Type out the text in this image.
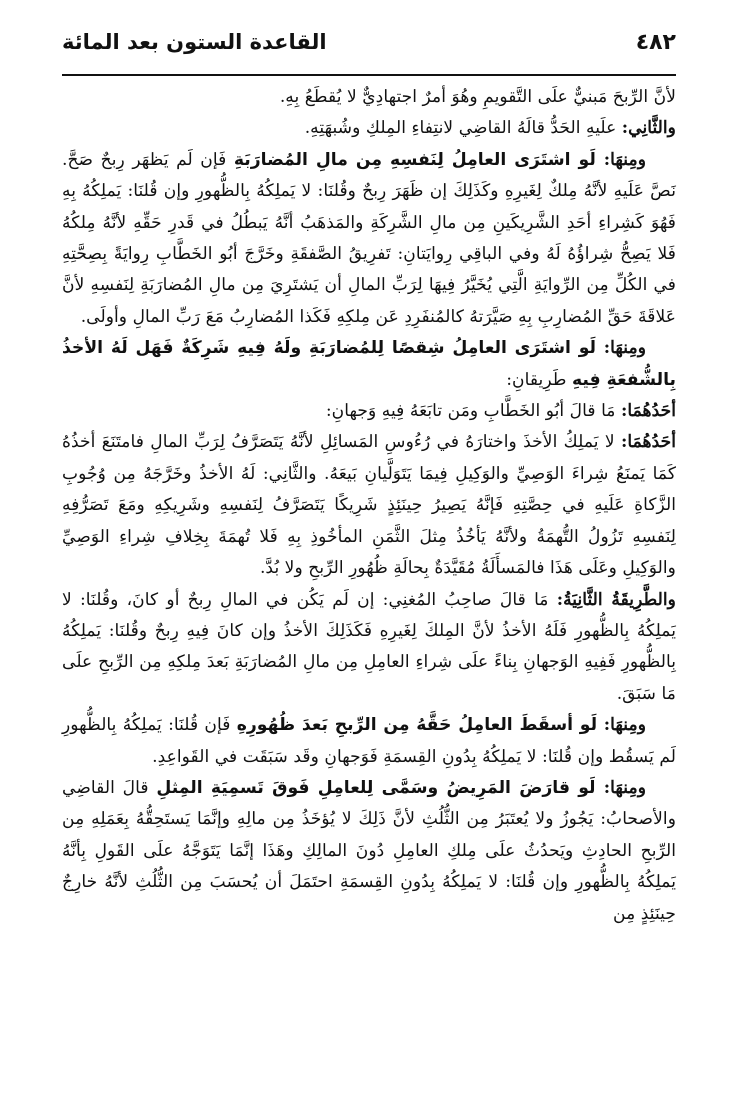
٤٨٢
القاعدة الستون بعد المائة

لأنَّ الرِّبحَ مَبنيٌّ علَى التَّقويمِ وهُوَ أمرٌ اجتهادِيٌّ لا يُقطَعُ بِهِ.

والثَّانِي: علَيهِ الحَدُّ قالَهُ القاضِي لانتِفاءِ المِلكِ وشُبهَتِهِ.

ومِنهَا: لَو اشتَرَى العامِلُ لِنَفسِهِ مِن مالِ المُضارَبَةِ فَإن لَم يَظهَر رِبحٌ صَحَّ. نَصَّ عَلَيهِ لأنَّهُ مِلكٌ لِغَيرِهِ وكَذَلِكَ إن ظَهَرَ رِبحٌ وقُلنَا: لا يَملِكُهُ بِالظُّهورِ وإن قُلنَا: يَملِكُهُ بِهِ فَهُوَ كَشِراءِ أحَدِ الشَّرِيكَينِ مِن مالِ الشَّرِكَةِ والمَذهَبُ أنَّهُ يَبطُلُ في قَدرِ حَقِّهِ لأنَّهُ مِلكُهُ فَلا يَصِحُّ شِراؤُهُ لَهُ وفي الباقِي رِوايَتانِ: تَفرِيقُ الصَّفقَةِ وخَرَّجَ أبُو الخَطَّابِ رِوايَةً بِصِحَّتِهِ في الكُلِّ مِن الرِّوايَةِ الَّتِي يُخَيَّرُ فِيهَا لِرَبِّ المالِ أن يَشتَرِيَ مِن مالِ المُضارَبَةِ لِنَفسِهِ لأنَّ عَلاقَةَ حَقِّ المُضارِبِ بِهِ صَيَّرَتهُ كالمُنفَرِدِ عَن مِلكِهِ فَكَذا المُضارِبُ مَعَ رَبِّ المالِ وأولَى.

ومِنهَا: لَو اشتَرَى العامِلُ شِقصًا لِلمُضارَبَةِ ولَهُ فِيهِ شَرِكَةٌ فَهَل لَهُ الأخذُ بِالشُّفعَةِ فِيهِ طَرِيقانِ:

أحَدُهُمَا: مَا قالَ أبُو الخَطَّابِ ومَن تابَعَهُ فِيهِ وَجهانِ:

أحَدُهُمَا: لا يَملِكُ الأخذَ واختارَهُ في رُءُوسِ المَسائِلِ لأنَّهُ يَتَصَرَّفُ لِرَبِّ المالِ فامتَنَعَ أخذُهُ كَمَا يَمنَعُ شِراءَ الوَصِيِّ والوَكِيلِ فِيمَا يَتَوَلَّيانِ بَيعَهُ. والثَّانِي: لَهُ الأخذُ وخَرَّجَهُ مِن وُجُوبِ الزَّكاةِ عَلَيهِ في حِصَّتِهِ فَإنَّهُ يَصِيرُ حِينَئِذٍ شَرِيكًا يَتَصَرَّفُ لِنَفسِهِ وشَرِيكِهِ ومَعَ تَصَرُّفِهِ لِنَفسِهِ تَزُولُ التُّهمَةُ ولأنَّهُ يَأخُذُ مِثلَ الثَّمَنِ المأخُوذِ بِهِ فَلا تُهمَةَ بِخِلافِ شِراءِ الوَصِيِّ والوَكِيلِ وعَلَى هَذَا فالمَسأَلَةُ مُقَيَّدَةٌ بِحالَةِ ظُهُورِ الرِّبحِ ولا بُدَّ.

والطَّرِيقَةُ الثَّانِيَةُ: مَا قالَ صاحِبُ المُغنِي: إن لَم يَكُن في المالِ رِبحٌ أو كانَ، وقُلنَا: لا يَملِكُهُ بِالظُّهورِ فَلَهُ الأخذُ لأنَّ المِلكَ لِغَيرِهِ فَكَذَلِكَ الأخذُ وإن كانَ فِيهِ رِبحٌ وقُلنَا: يَملِكُهُ بِالظُّهورِ فَفِيهِ الوَجهانِ بِناءً علَى شِراءِ العامِلِ مِن مالِ المُضارَبَةِ بَعدَ مِلكِهِ مِن الرِّبحِ علَى مَا سَبَقَ.

ومِنهَا: لَو أسقَطَ العامِلُ حَقَّهُ مِن الرِّبحِ بَعدَ ظُهُورِهِ فَإن قُلنَا: يَملِكُهُ بِالظُّهورِ لَم يَسقُط وإن قُلنَا: لا يَملِكُهُ بِدُونِ القِسمَةِ فَوَجهانِ وقَد سَبَقَت في القَواعِدِ.

ومِنهَا: لَو قارَضَ المَرِيضُ وسَمَّى لِلعامِلِ فَوقَ تَسمِيَةِ المِثلِ قالَ القاضِي والأصحابُ: يَجُوزُ ولا يُعتَبَرُ مِن الثُّلُثِ لأنَّ ذَلِكَ لا يُؤخَذُ مِن مالِهِ وإنَّمَا يَستَحِقُّهُ بِعَمَلِهِ مِن الرِّبحِ الحادِثِ ويَحدُثُ علَى مِلكِ العامِلِ دُونَ المالِكِ وهَذَا إنَّمَا يَتَوَجَّهُ علَى القَولِ بِأنَّهُ يَملِكُهُ بِالظُّهورِ وإن قُلنَا: لا يَملِكُهُ بِدُونِ القِسمَةِ احتَمَلَ أن يُحسَبَ مِن الثُّلُثِ لأنَّهُ خارِجٌ حِينَئِذٍ مِن
